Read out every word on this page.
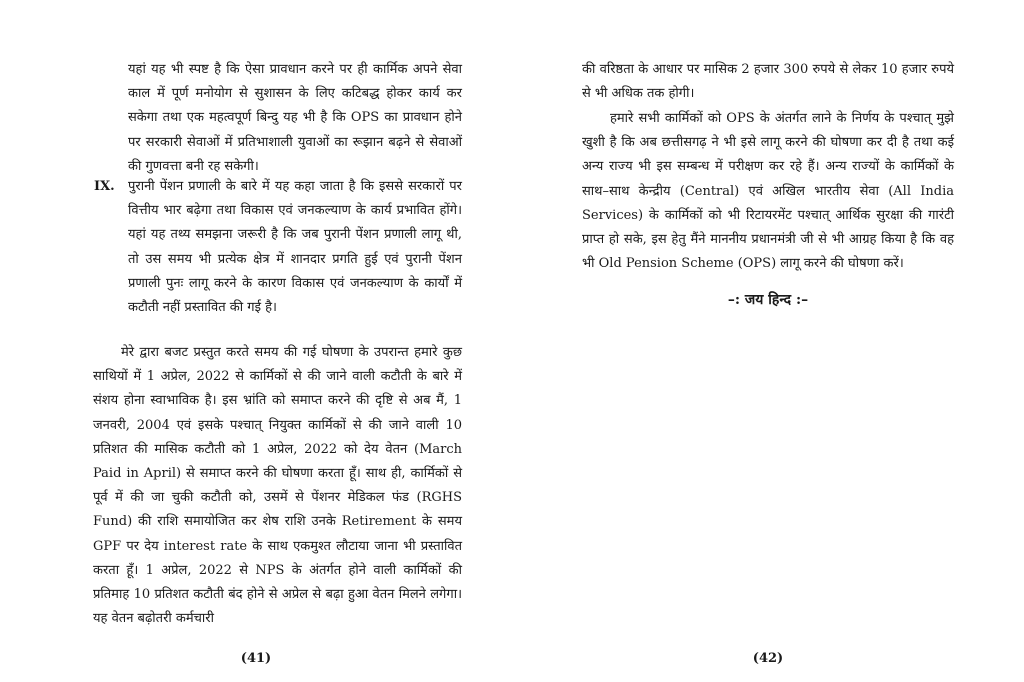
यहां यह भी स्पष्ट है कि ऐसा प्रावधान करने पर ही कार्मिक अपने सेवा काल में पूर्ण मनोयोग से सुशासन के लिए कटिबद्ध होकर कार्य कर सकेगा तथा एक महत्वपूर्ण बिन्दु यह भी है कि OPS का प्रावधान होने पर सरकारी सेवाओं में प्रतिभाशाली युवाओं का रूझान बढ़ने से सेवाओं की गुणवत्ता बनी रह सकेगी।

IX. पुरानी पेंशन प्रणाली के बारे में यह कहा जाता है कि इससे सरकारों पर वित्तीय भार बढ़ेगा तथा विकास एवं जनकल्याण के कार्य प्रभावित होंगे। यहां यह तथ्य समझना जरूरी है कि जब पुरानी पेंशन प्रणाली लागू थी, तो उस समय भी प्रत्येक क्षेत्र में शानदार प्रगति हुई एवं पुरानी पेंशन प्रणाली पुनः लागू करने के कारण विकास एवं जनकल्याण के कार्यों में कटौती नहीं प्रस्तावित की गई है।

मेरे द्वारा बजट प्रस्तुत करते समय की गई घोषणा के उपरान्त हमारे कुछ साथियों में 1 अप्रेल, 2022 से कार्मिकों से की जाने वाली कटौती के बारे में संशय होना स्वाभाविक है। इस भ्रांति को समाप्त करने की दृष्टि से अब मैं, 1 जनवरी, 2004 एवं इसके पश्चात् नियुक्त कार्मिकों से की जाने वाली 10 प्रतिशत की मासिक कटौती को 1 अप्रेल, 2022 को देय वेतन (March Paid in April) से समाप्त करने की घोषणा करता हूँ। साथ ही, कार्मिकों से पूर्व में की जा चुकी कटौती को, उसमें से पेंशनर मेडिकल फंड (RGHS Fund) की राशि समायोजित कर शेष राशि उनके Retirement के समय GPF पर देय interest rate के साथ एकमुश्त लौटाया जाना भी प्रस्तावित करता हूँ। 1 अप्रेल, 2022 से NPS के अंतर्गत होने वाली कार्मिकों की प्रतिमाह 10 प्रतिशत कटौती बंद होने से अप्रेल से बढ़ा हुआ वेतन मिलने लगेगा। यह वेतन बढ़ोतरी कर्मचारी

(41)

की वरिष्ठता के आधार पर मासिक 2 हजार 300 रुपये से लेकर 10 हजार रुपये से भी अधिक तक होगी।

हमारे सभी कार्मिकों को OPS के अंतर्गत लाने के निर्णय के पश्चात् मुझे खुशी है कि अब छत्तीसगढ़ ने भी इसे लागू करने की घोषणा कर दी है तथा कई अन्य राज्य भी इस सम्बन्ध में परीक्षण कर रहे हैं। अन्य राज्यों के कार्मिकों के साथ–साथ केन्द्रीय (Central) एवं अखिल भारतीय सेवा (All India Services) के कार्मिकों को भी रिटायरमेंट पश्चात् आर्थिक सुरक्षा की गारंटी प्राप्त हो सके, इस हेतु मैंने माननीय प्रधानमंत्री जी से भी आग्रह किया है कि वह भी Old Pension Scheme (OPS) लागू करने की घोषणा करें।

–: जय हिन्द :–
(42)
